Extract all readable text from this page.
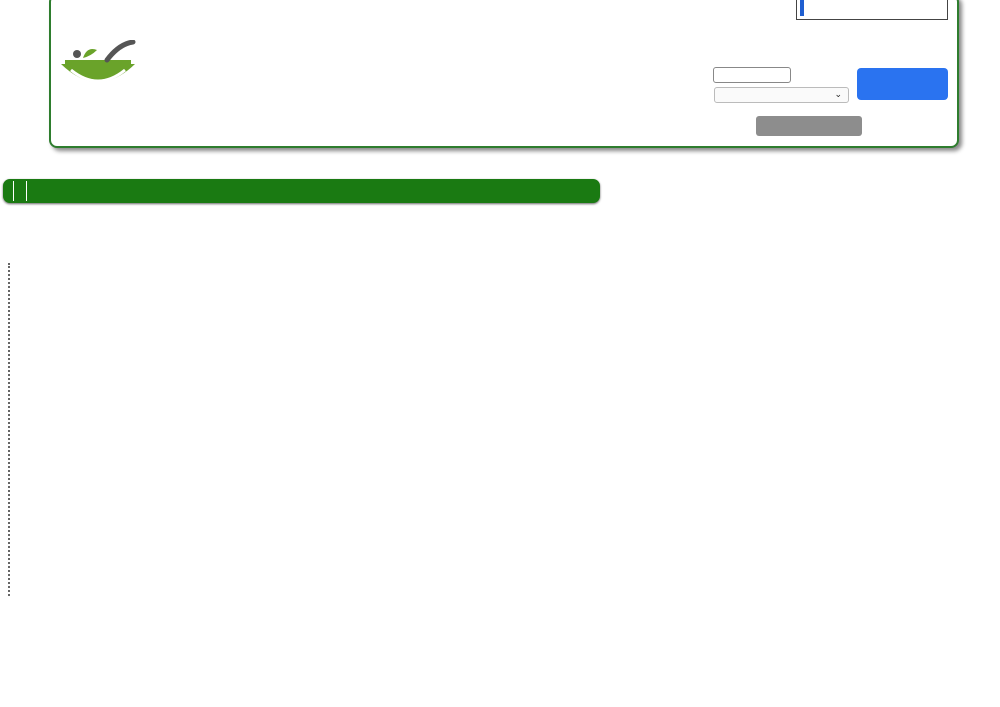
⌄
